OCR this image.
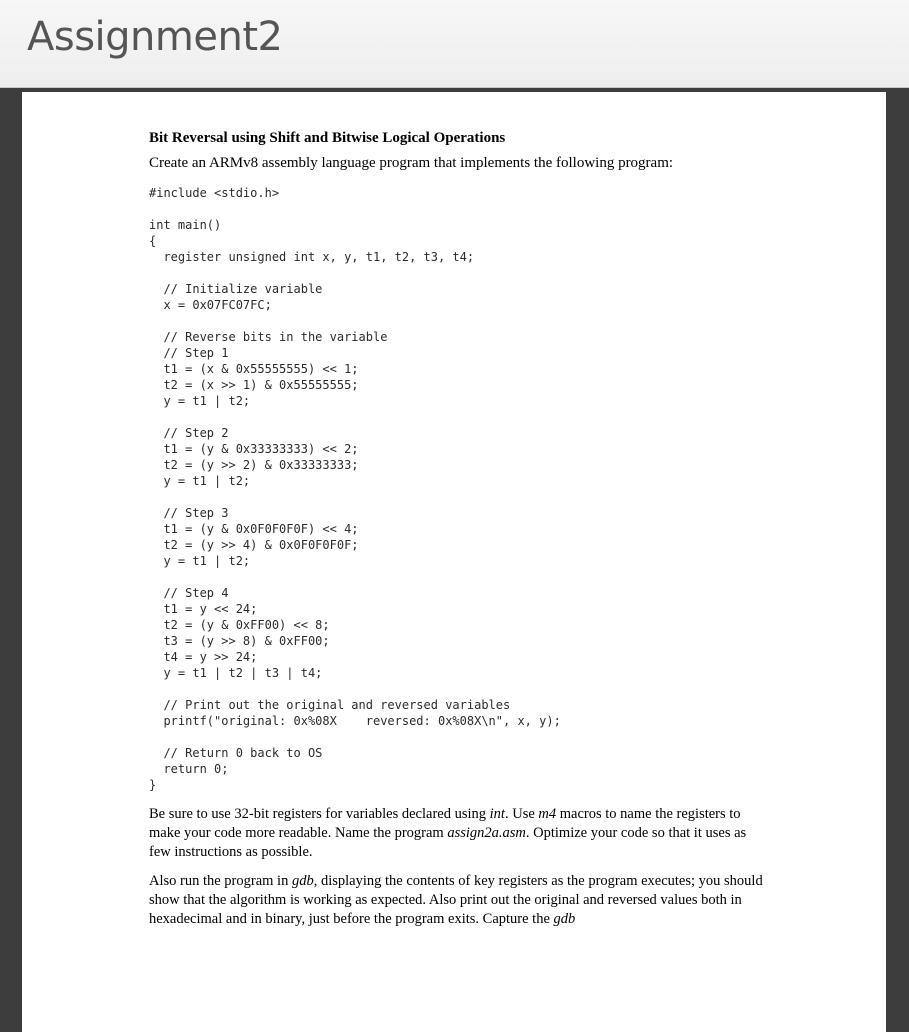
Assignment2
Bit Reversal using Shift and Bitwise Logical Operations
Create an ARMv8 assembly language program that implements the following program:
#include <stdio.h>

int main()
{
register unsigned int x, y, t1, t2, t3, t4;

// Initialize variable
x = 0x07FC07FC;

// Reverse bits in the variable
// Step 1
t1 = (x & 0x55555555) << 1;
t2 = (x >> 1) & 0x55555555;
y = t1 | t2;

// Step 2
t1 = (y & 0x33333333) << 2;
t2 = (y >> 2) & 0x33333333;
y = t1 | t2;

// Step 3
t1 = (y & 0x0F0F0F0F) << 4;
t2 = (y >> 4) & 0x0F0F0F0F;
y = t1 | t2;

// Step 4
t1 = y << 24;
t2 = (y & 0xFF00) << 8;
t3 = (y >> 8) & 0xFF00;
t4 = y >> 24;
y = t1 | t2 | t3 | t4;

// Print out the original and reversed variables
printf("original: 0x%08X    reversed: 0x%08X\n", x, y);

// Return 0 back to OS
return 0;
}

Be sure to use 32-bit registers for variables declared using int. Use m4 macros to name the registers to make your code more readable. Name the program assign2a.asm. Optimize your code so that it uses as few instructions as possible.

Also run the program in gdb, displaying the contents of key registers as the program executes; you should show that the algorithm is working as expected. Also print out the original and reversed values both in hexadecimal and in binary, just before the program exits. Capture the gdb
